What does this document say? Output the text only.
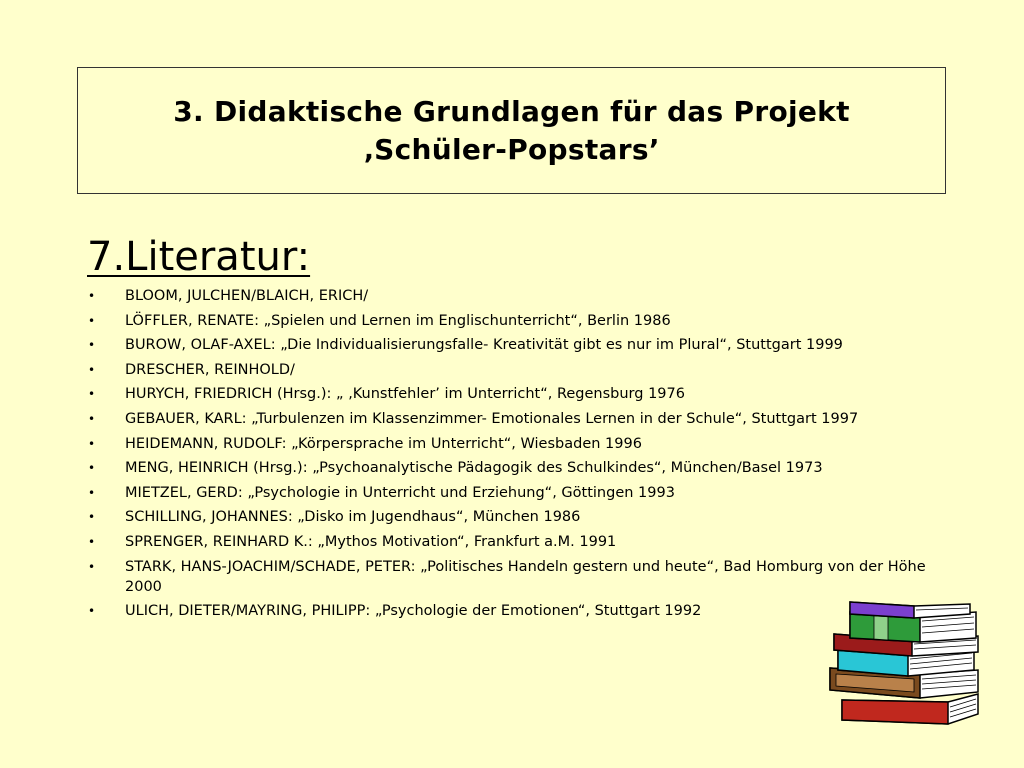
3. Didaktische Grundlagen für das Projekt
‚Schüler-Popstars’
7.Literatur:
• BLOOM, JULCHEN/BLAICH, ERICH/
• LÖFFLER, RENATE: „Spielen und Lernen im Englischunterricht“, Berlin 1986
• BUROW, OLAF-AXEL: „Die Individualisierungsfalle- Kreativität gibt es nur im Plural“, Stuttgart 1999
• DRESCHER, REINHOLD/
• HURYCH, FRIEDRICH (Hrsg.): „ ‚Kunstfehler’ im Unterricht“, Regensburg 1976
• GEBAUER, KARL: „Turbulenzen im Klassenzimmer- Emotionales Lernen in der Schule“, Stuttgart 1997
• HEIDEMANN, RUDOLF: „Körpersprache im Unterricht“, Wiesbaden 1996
• MENG, HEINRICH (Hrsg.): „Psychoanalytische Pädagogik des Schulkindes“, München/Basel 1973
• MIETZEL, GERD: „Psychologie in Unterricht und Erziehung“, Göttingen 1993
• SCHILLING, JOHANNES: „Disko im Jugendhaus“, München 1986
• SPRENGER, REINHARD K.: „Mythos Motivation“, Frankfurt a.M. 1991
• STARK, HANS-JOACHIM/SCHADE, PETER: „Politisches Handeln gestern und heute“, Bad Homburg von der Höhe 2000
• ULICH, DIETER/MAYRING, PHILIPP: „Psychologie der Emotionen“, Stuttgart 1992
